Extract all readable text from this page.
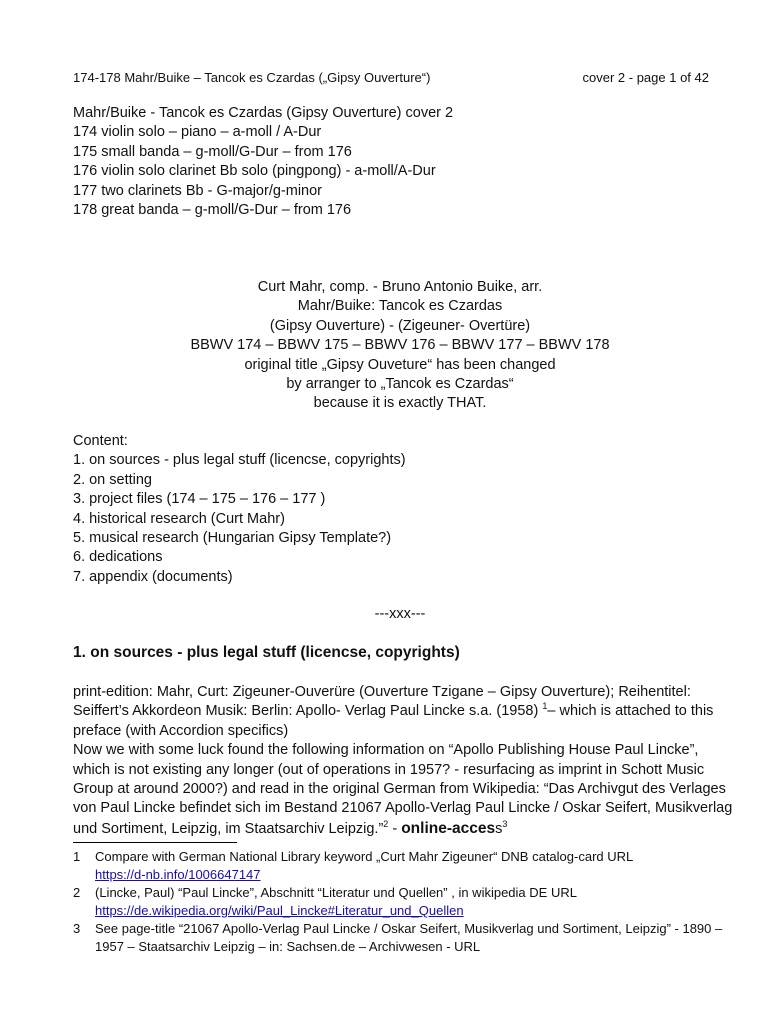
174-178 Mahr/Buike – Tancok es Czardas („Gipsy Ouverture“)	cover 2 - page 1 of 42
Mahr/Buike - Tancok es Czardas (Gipsy Ouverture) cover 2
174 violin solo – piano – a-moll / A-Dur
175 small banda – g-moll/G-Dur – from 176
176 violin solo clarinet Bb solo (pingpong) - a-moll/A-Dur
177 two clarinets Bb - G-major/g-minor
178 great banda – g-moll/G-Dur – from 176
Curt Mahr, comp. - Bruno Antonio Buike, arr.
Mahr/Buike: Tancok es Czardas
(Gipsy Ouverture) - (Zigeuner- Overtüre)
BBWV 174 – BBWV 175 – BBWV 176 – BBWV 177 – BBWV 178
original title „Gipsy Ouveture“ has been changed
by arranger to „Tancok es Czardas“
because it is exactly THAT.
Content:
1. on sources - plus legal stuff (licencse, copyrights)
2. on setting
3. project files (174 – 175 – 176 – 177 )
4. historical research (Curt Mahr)
5. musical research (Hungarian Gipsy Template?)
6. dedications
7. appendix (documents)
---xxx---
1. on sources - plus legal stuff (licencse, copyrights)
print-edition: Mahr, Curt: Zigeuner-Ouverüre (Ouverture Tzigane – Gipsy Ouverture); Reihentitel: Seiffert’s Akkordeon Musik: Berlin: Apollo- Verlag Paul Lincke s.a. (1958) $^1$– which is attached to this preface (with Accordion specifics)
Now we with some luck found the following information on “Apollo Publishing House Paul Lincke”, which is not existing any longer (out of operations in 1957? - resurfacing as imprint in Schott Music Group at around 2000?) and read in the original German from Wikipedia: “Das Archivgut des Verlages von Paul Lincke befindet sich im Bestand 21067 Apollo-Verlag Paul Lincke / Oskar Seifert, Musikverlag und Sortiment, Leipzig, im Staatsarchiv Leipzig.”$^2$ - online-access$^3$
1	Compare with German National Library keyword „Curt Mahr Zigeuner“ DNB catalog-card URL
https://d-nb.info/1006647147
2	(Lincke, Paul) “Paul Lincke”, Abschnitt “Literatur und Quellen” , in wikipedia DE URL
https://de.wikipedia.org/wiki/Paul_Lincke#Literatur_und_Quellen
3	See page-title “21067 Apollo-Verlag Paul Lincke / Oskar Seifert, Musikverlag und Sortiment, Leipzig” - 1890 – 1957 – Staatsarchiv Leipzig – in: Sachsen.de – Archivwesen - URL
